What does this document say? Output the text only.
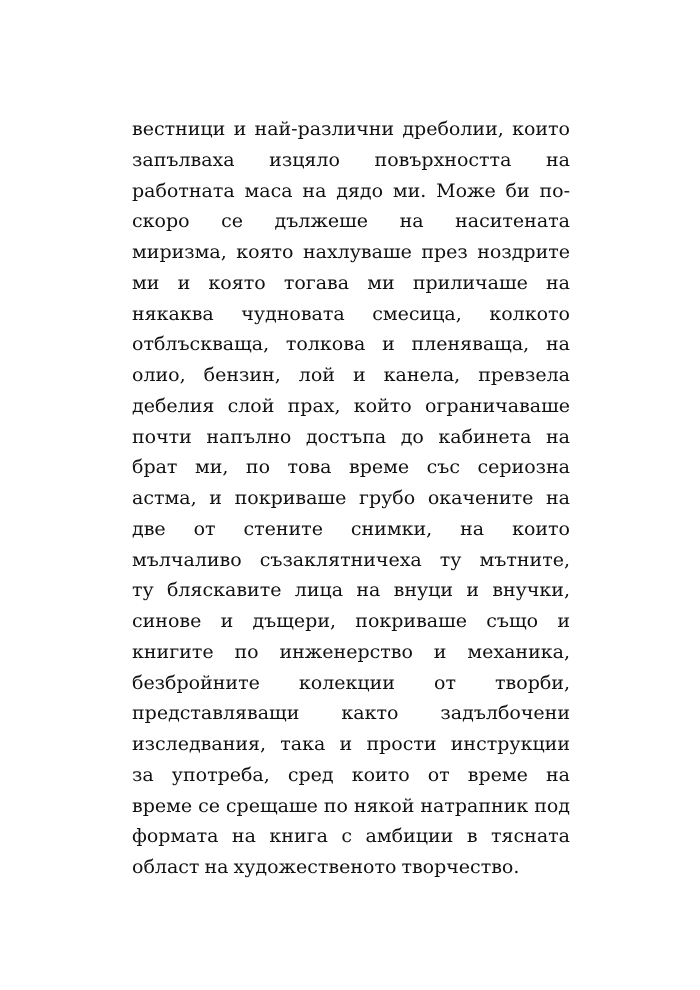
вестници и най-различни дреболии, които
запълваха изцяло повърхността на
работната маса на дядо ми. Може би по-
скоро се дължеше на наситената
миризма, която нахлуваше през ноздрите
ми и която тогава ми приличаше на
някаква чудновата смесица, колкото
отблъскваща, толкова и пленяваща, на
олио, бензин, лой и канела, превзела
дебелия слой прах, който ограничаваше
почти напълно достъпа до кабинета на
брат ми, по това време със сериозна
астма, и покриваше грубо окачените на
две от стените снимки, на които
мълчаливо съзаклятничеха ту мътните,
ту бляскавите лица на внуци и внучки,
синове и дъщери, покриваше също и
книгите по инженерство и механика,
безбройните колекции от творби,
представляващи както задълбочени
изследвания, така и прости инструкции
за употреба, сред които от време на
време се срещаше по някой натрапник под
формата на книга с амбиции в тясната
област на художественото творчество.
